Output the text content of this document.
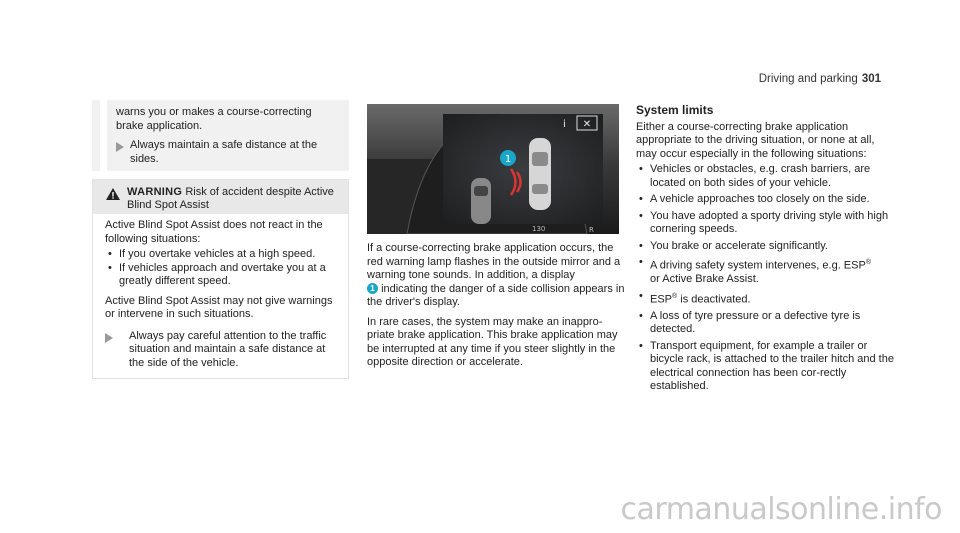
Driving and parking 301

warns you or makes a course-correcting brake application.

Always maintain a safe distance at the sides.

WARNING Risk of accident despite Active Blind Spot Assist

Active Blind Spot Assist does not react in the following situations:

• If you overtake vehicles at a high speed.
• If vehicles approach and overtake you at a greatly different speed.

Active Blind Spot Assist may not give warnings or intervene in such situations.

Always pay careful attention to the traffic situation and maintain a safe distance at the side of the vehicle.

✕
i
1
130	R

If a course-correcting brake application occurs, the red warning lamp flashes in the outside mirror and a warning tone sounds. In addition, a display
1 indicating the danger of a side collision appears in the driver's display.

In rare cases, the system may make an inappro-priate brake application. This brake application may be interrupted at any time if you steer slightly in the opposite direction or accelerate.

System limits

Either a course-correcting brake application appropriate to the driving situation, or none at all, may occur especially in the following situations:

• Vehicles or obstacles, e.g. crash barriers, are located on both sides of your vehicle.
• A vehicle approaches too closely on the side.
• You have adopted a sporty driving style with high cornering speeds.
• You brake or accelerate significantly.
• A driving safety system intervenes, e.g. ESP®
or Active Brake Assist.
• ESP® is deactivated.
• A loss of tyre pressure or a defective tyre is detected.
• Transport equipment, for example a trailer or bicycle rack, is attached to the trailer hitch and the electrical connection has been cor-rectly established.
carmanualsonline.info
